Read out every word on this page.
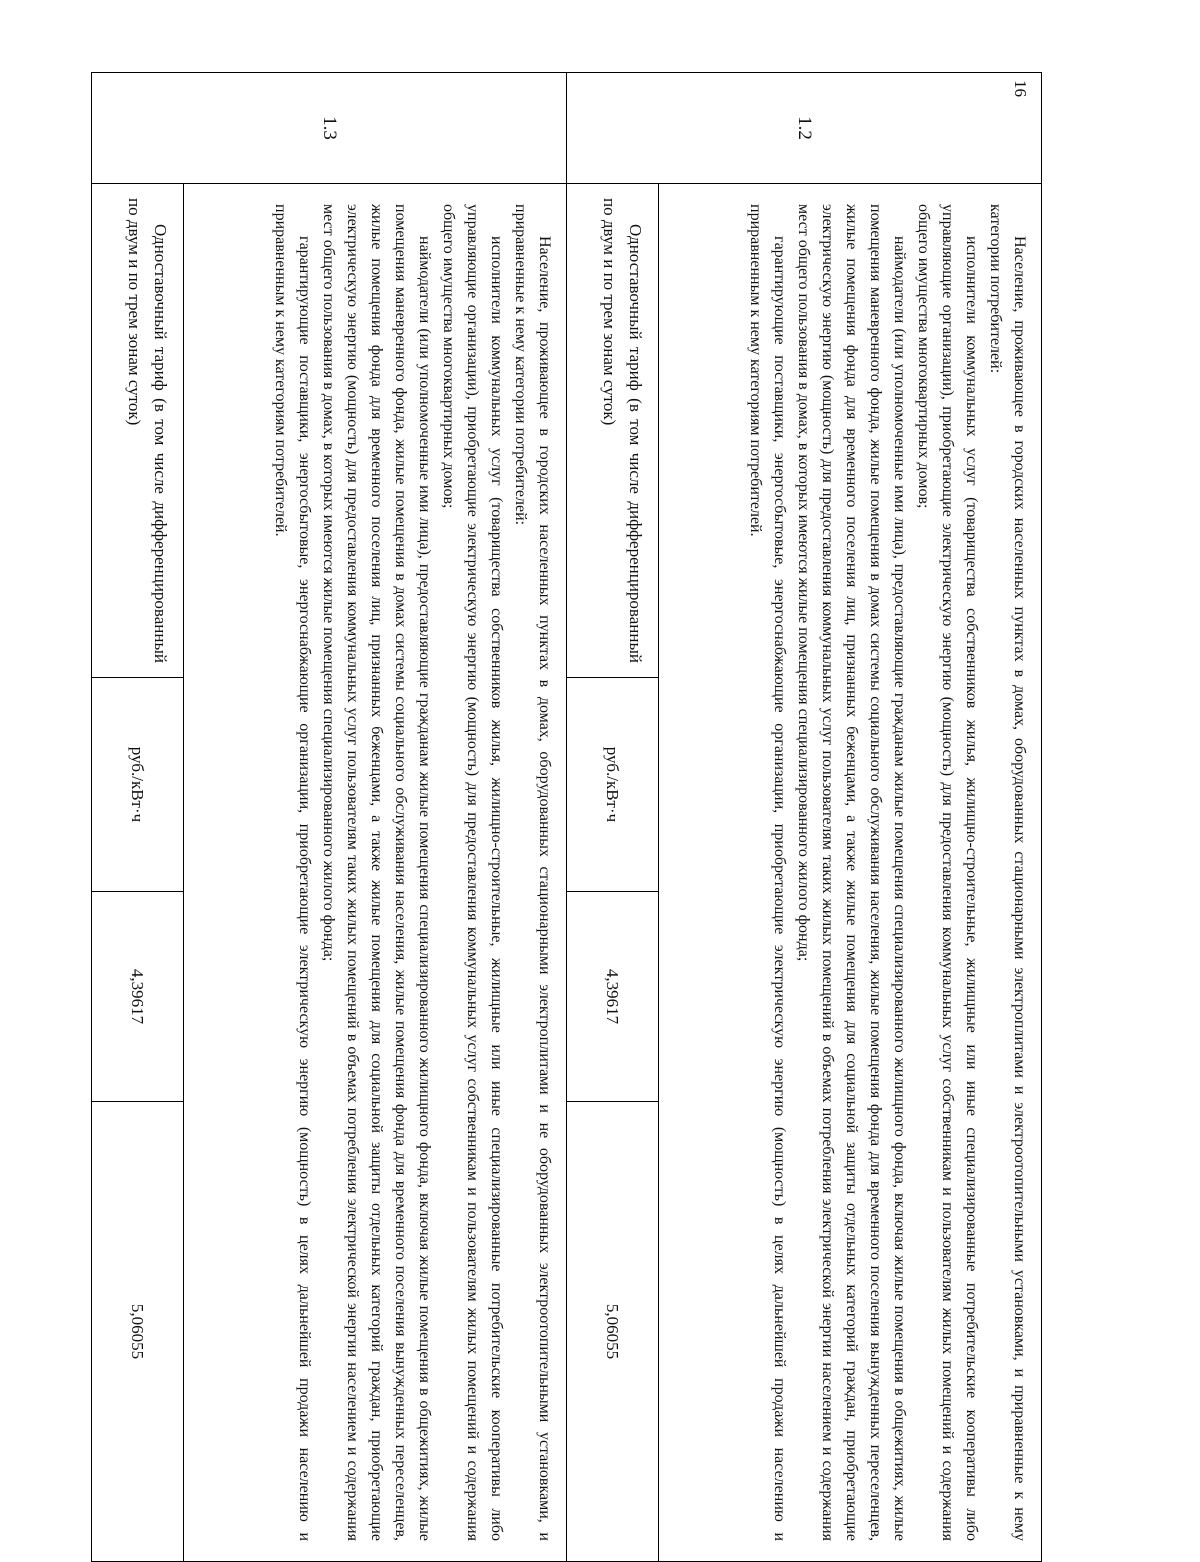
16
1.2

Население, проживающее в городских населенных пунктах в домах, оборудованных стационарными электроплитами и электроотопительными установками, и приравненные к нему категории потребителей:

исполнители коммунальных услуг (товарищества собственников жилья, жилищно-строительные, жилищные или иные специализированные потребительские кооперативы либо управляющие организации), приобретающие электрическую энергию (мощность) для предоставления коммунальных услуг собственникам и пользователям жилых помещений и содержания общего имущества многоквартирных домов;

наймодатели (или уполномоченные ими лица), предоставляющие гражданам жилые помещения специализированного жилищного фонда, включая жилые помещения в общежитиях, жилые помещения маневренного фонда, жилые помещения в домах системы социального обслуживания населения, жилые помещения фонда для временного поселения вынужденных переселенцев, жилые помещения фонда для временного поселения лиц, признанных беженцами, а также жилые помещения для социальной защиты отдельных категорий граждан, приобретающие электрическую энергию (мощность) для предоставления коммунальных услуг пользователям таких жилых помещений в объемах потребления электрической энергии населением и содержания мест общего пользования в домах, в которых имеются жилые помещения специализированного жилого фонда;

гарантирующие поставщики, энергосбытовые, энергоснабжающие организации, приобретающие электрическую энергию (мощность) в целях дальнейшей продажи населению и приравненным к нему категориям потребителей.

Одноставочный тариф (в том числе дифференцированный по двум и по трем зонам суток)
руб./кВт·ч
4,39617
5,06055
1.3

Население, проживающее в городских населенных пунктах в домах, оборудованных стационарными электроплитами и не оборудованных электроотопительными установками, и приравненные к нему категории потребителей:

исполнители коммунальных услуг (товарищества собственников жилья, жилищно-строительные, жилищные или иные специализированные потребительские кооперативы либо управляющие организации), приобретающие электрическую энергию (мощность) для предоставления коммунальных услуг собственникам и пользователям жилых помещений и содержания общего имущества многоквартирных домов;

наймодатели (или уполномоченные ими лица), предоставляющие гражданам жилые помещения специализированного жилищного фонда, включая жилые помещения в общежитиях, жилые помещения маневренного фонда, жилые помещения в домах системы социального обслуживания населения, жилые помещения фонда для временного поселения вынужденных переселенцев, жилые помещения фонда для временного поселения лиц, признанных беженцами, а также жилые помещения для социальной защиты отдельных категорий граждан, приобретающие электрическую энергию (мощность) для предоставления коммунальных услуг пользователям таких жилых помещений в объемах потребления электрической энергии населением и содержания мест общего пользования в домах, в которых имеются жилые помещения специализированного жилого фонда;

гарантирующие поставщики, энергосбытовые, энергоснабжающие организации, приобретающие электрическую энергию (мощность) в целях дальнейшей продажи населению и приравненным к нему категориям потребителей.

Одноставочный тариф (в том числе дифференцированный по двум и по трем зонам суток)
руб./кВт·ч
4,39617
5,06055
